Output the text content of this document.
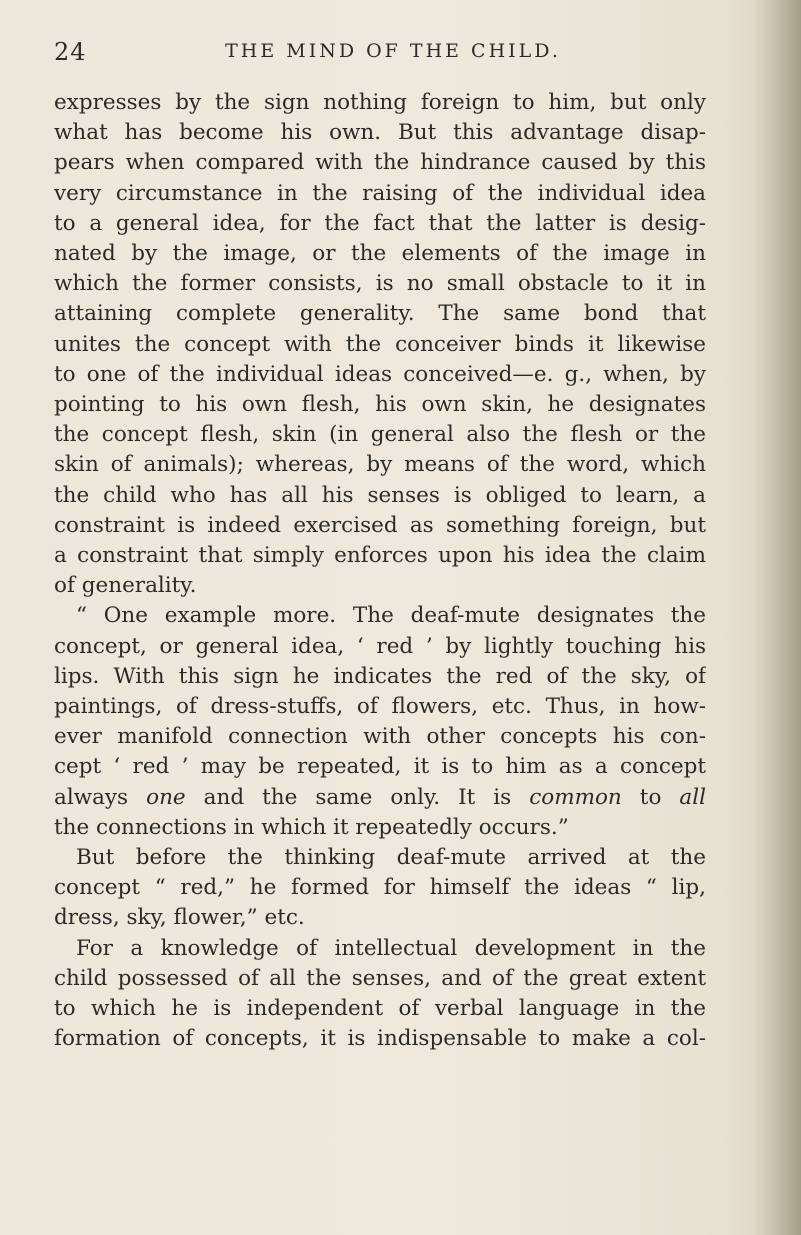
24	THE MIND OF THE CHILD.
expresses by the sign nothing foreign to him, but only
what has become his own. But this advantage disap-
pears when compared with the hindrance caused by this
very circumstance in the raising of the individual idea
to a general idea, for the fact that the latter is desig-
nated by the image, or the elements of the image in
which the former consists, is no small obstacle to it in
attaining complete generality. The same bond that
unites the concept with the conceiver binds it likewise
to one of the individual ideas conceived—e. g., when, by
pointing to his own flesh, his own skin, he designates
the concept flesh, skin (in general also the flesh or the
skin of animals); whereas, by means of the word, which
the child who has all his senses is obliged to learn, a
constraint is indeed exercised as something foreign, but
a constraint that simply enforces upon his idea the claim
of generality.
“ One example more. The deaf-mute designates the
concept, or general idea, ‘ red ’ by lightly touching his
lips. With this sign he indicates the red of the sky, of
paintings, of dress-stuffs, of flowers, etc. Thus, in how-
ever manifold connection with other concepts his con-
cept ‘ red ’ may be repeated, it is to him as a concept
always one and the same only. It is common to all
the connections in which it repeatedly occurs.”
But before the thinking deaf-mute arrived at the
concept “ red,” he formed for himself the ideas “ lip,
dress, sky, flower,” etc.
For a knowledge of intellectual development in the
child possessed of all the senses, and of the great extent
to which he is independent of verbal language in the
formation of concepts, it is indispensable to make a col-
